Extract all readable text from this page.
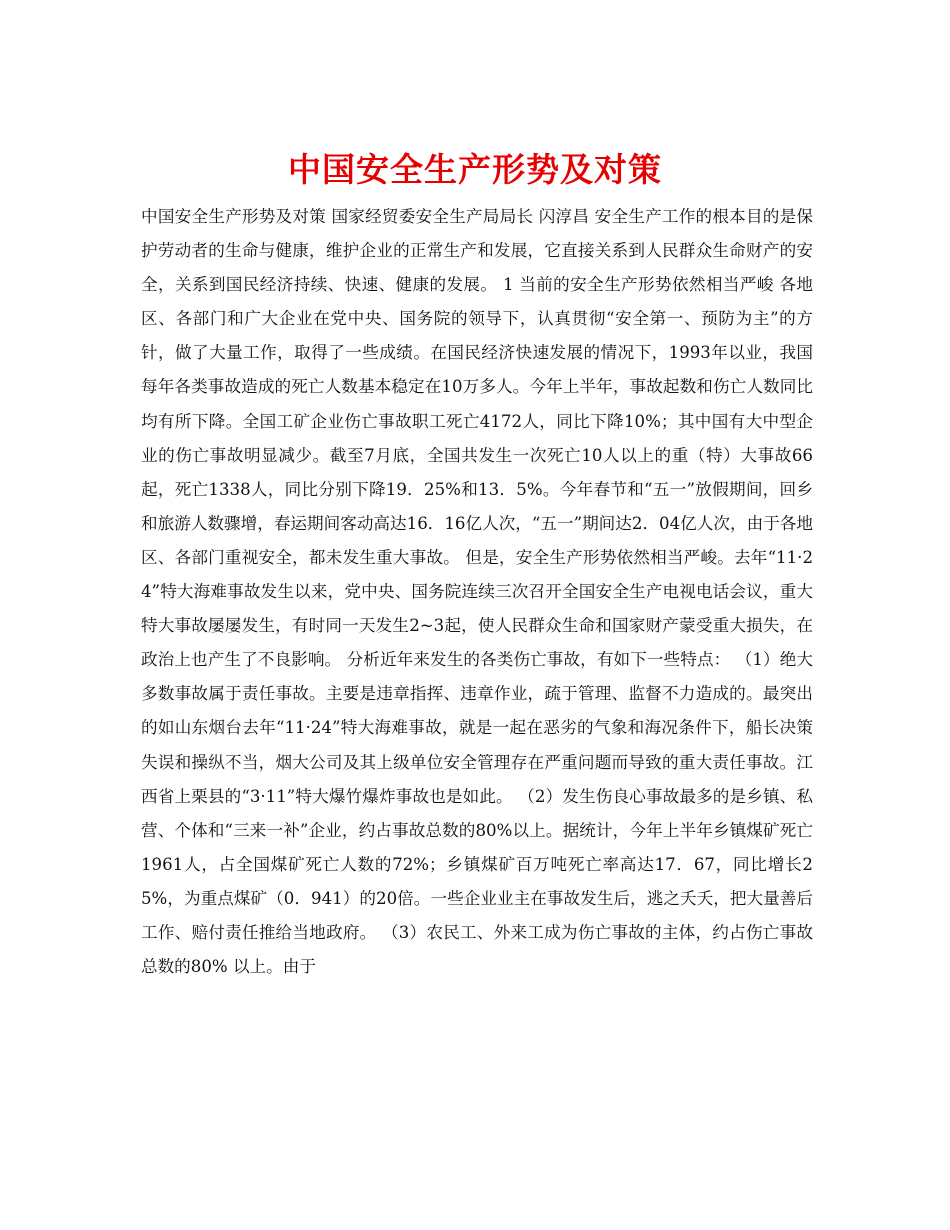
中国安全生产形势及对策

中国安全生产形势及对策 国家经贸委安全生产局局长 闪淳昌 安全生产工作的根本目的是保护劳动者的生命与健康，维护企业的正常生产和发展，它直接关系到人民群众生命财产的安全，关系到国民经济持续、快速、健康的发展。 1 当前的安全生产形势依然相当严峻 各地区、各部门和广大企业在党中央、国务院的领导下，认真贯彻“安全第一、预防为主”的方针，做了大量工作，取得了一些成绩。在国民经济快速发展的情况下，1993年以业，我国每年各类事故造成的死亡人数基本稳定在10万多人。今年上半年，事故起数和伤亡人数同比均有所下降。全国工矿企业伤亡事故职工死亡4172人，同比下降10%；其中国有大中型企业的伤亡事故明显减少。截至7月底，全国共发生一次死亡10人以上的重（特）大事故66起，死亡1338人，同比分别下降19．25%和13．5%。今年春节和“五一”放假期间，回乡和旅游人数骤增，春运期间客动高达16．16亿人次，“五一”期间达2．04亿人次，由于各地区、各部门重视安全，都未发生重大事故。 但是，安全生产形势依然相当严峻。去年“11·24”特大海难事故发生以来，党中央、国务院连续三次召开全国安全生产电视电话会议，重大特大事故屡屡发生，有时同一天发生2~3起，使人民群众生命和国家财产蒙受重大损失，在政治上也产生了不良影响。 分析近年来发生的各类伤亡事故，有如下一些特点： （1）绝大多数事故属于责任事故。主要是违章指挥、违章作业，疏于管理、监督不力造成的。最突出的如山东烟台去年“11·24”特大海难事故，就是一起在恶劣的气象和海况条件下，船长决策失误和操纵不当，烟大公司及其上级单位安全管理存在严重问题而导致的重大责任事故。江西省上栗县的“3·11”特大爆竹爆炸事故也是如此。 （2）发生伤良心事故最多的是乡镇、私营、个体和“三来一补”企业，约占事故总数的80%以上。据统计，今年上半年乡镇煤矿死亡1961人，占全国煤矿死亡人数的72%；乡镇煤矿百万吨死亡率高达17．67，同比增长25%，为重点煤矿（0．941）的20倍。一些企业业主在事故发生后，逃之夭夭，把大量善后工作、赔付责任推给当地政府。 （3）农民工、外来工成为伤亡事故的主体，约占伤亡事故总数的80% 以上。由于
